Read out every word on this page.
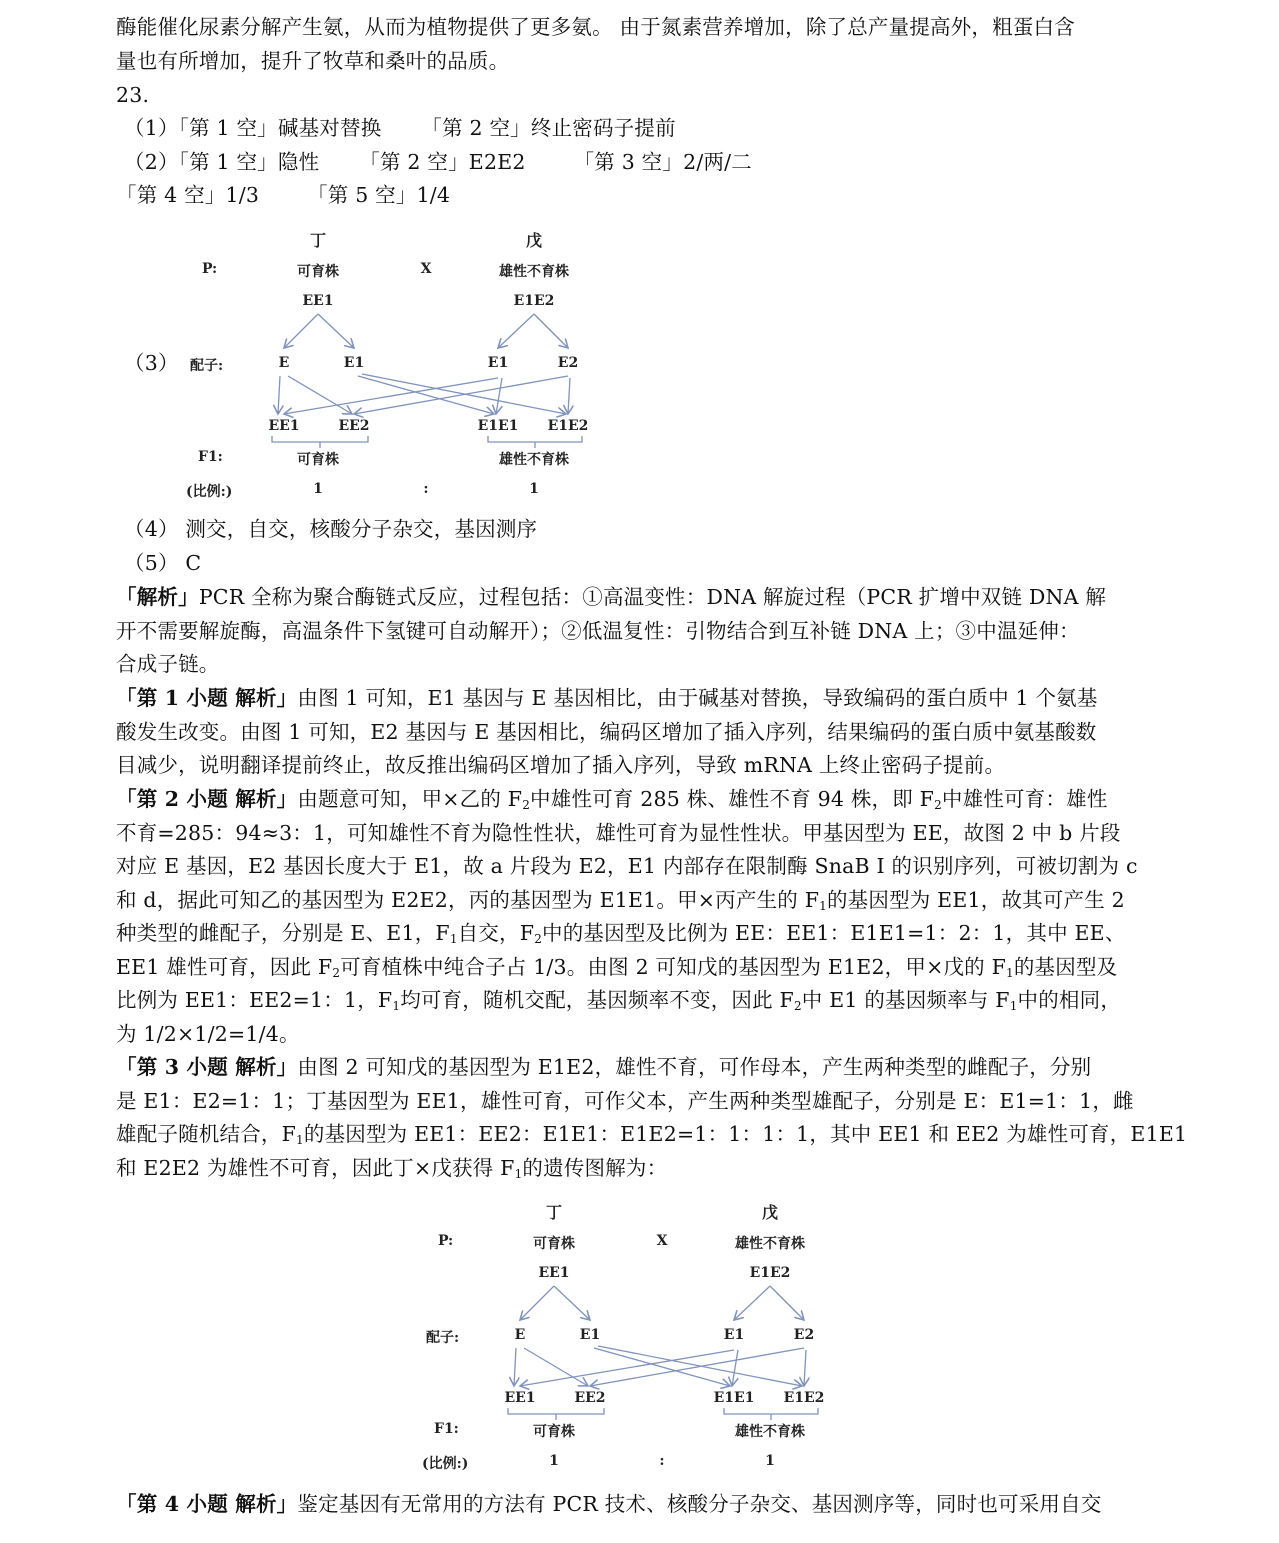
酶能催化尿素分解产生氨，从而为植物提供了更多氨。 由于氮素营养增加，除了总产量提高外，粗蛋白含
量也有所增加，提升了牧草和桑叶的品质。
23.
（1）「第 1 空」碱基对替换 「第 2 空」终止密码子提前
（2）「第 1 空」隐性 「第 2 空」E2E2 「第 3 空」2/两/二
「第 4 空」1/3 「第 5 空」1/4
（3）
（4） 测交，自交，核酸分子杂交，基因测序
（5） C
「解析」PCR 全称为聚合酶链式反应，过程包括：①高温变性：DNA 解旋过程（PCR 扩增中双链 DNA 解
开不需要解旋酶，高温条件下氢键可自动解开）；②低温复性：引物结合到互补链 DNA 上；③中温延伸：
合成子链。
「第 1 小题 解析」由图 1 可知，E1 基因与 E 基因相比，由于碱基对替换，导致编码的蛋白质中 1 个氨基
酸发生改变。由图 1 可知，E2 基因与 E 基因相比，编码区增加了插入序列，结果编码的蛋白质中氨基酸数
目减少，说明翻译提前终止，故反推出编码区增加了插入序列，导致 mRNA 上终止密码子提前。
「第 2 小题 解析」由题意可知，甲×乙的 $F_2$中雄性可育 285 株、雄性不育 94 株，即 $F_2$中雄性可育：雄性
不育=285：94≈3：1，可知雄性不育为隐性性状，雄性可育为显性性状。甲基因型为 EE，故图 2 中 b 片段
对应 E 基因，E2 基因长度大于 E1，故 a 片段为 E2，E1 内部存在限制酶 SnaB Ⅰ 的识别序列，可被切割为 c
和 d，据此可知乙的基因型为 E2E2，丙的基因型为 E1E1。甲×丙产生的 $F_1$的基因型为 EE1，故其可产生 2
种类型的雌配子，分别是 E、E1，$F_1$自交，$F_2$中的基因型及比例为 EE：EE1：E1E1=1：2：1，其中 EE、
EE1 雄性可育，因此 $F_2$可育植株中纯合子占 1/3。由图 2 可知戊的基因型为 E1E2，甲×戊的 $F_1$的基因型及
比例为 EE1：EE2=1：1，$F_1$均可育，随机交配，基因频率不变，因此 $F_2$中 E1 的基因频率与 $F_1$中的相同，
为 1/2×1/2=1/4。
「第 3 小题 解析」由图 2 可知戊的基因型为 E1E2，雄性不育，可作母本，产生两种类型的雌配子，分别
是 E1：E2=1：1；丁基因型为 EE1，雄性可育，可作父本，产生两种类型雄配子，分别是 E：E1=1：1，雌
雄配子随机结合，$F_1$的基因型为 EE1：EE2：E1E1：E1E2=1：1：1：1，其中 EE1 和 EE2 为雄性可育，E1E1
和 E2E2 为雄性不可育，因此丁×戊获得 $F_1$的遗传图解为：
「第 4 小题 解析」鉴定基因有无常用的方法有 PCR 技术、核酸分子杂交、基因测序等，同时也可采用自交
丁	戊
P:	可育株	X	雄性不育株
EE1	E1E2
配子:	E	E1	E1	E2
EE1	EE2	E1E1 E1E2
F1:	可育株	雄性不育株
(比例:)	1	:	1
丁	戊
P:	可育株	X	雄性不育株
EE1	E1E2
配子:	E	E1	E1	E2
EE1	EE2	E1E1 E1E2
F1:	可育株	雄性不育株
(比例:)	1	:	1
